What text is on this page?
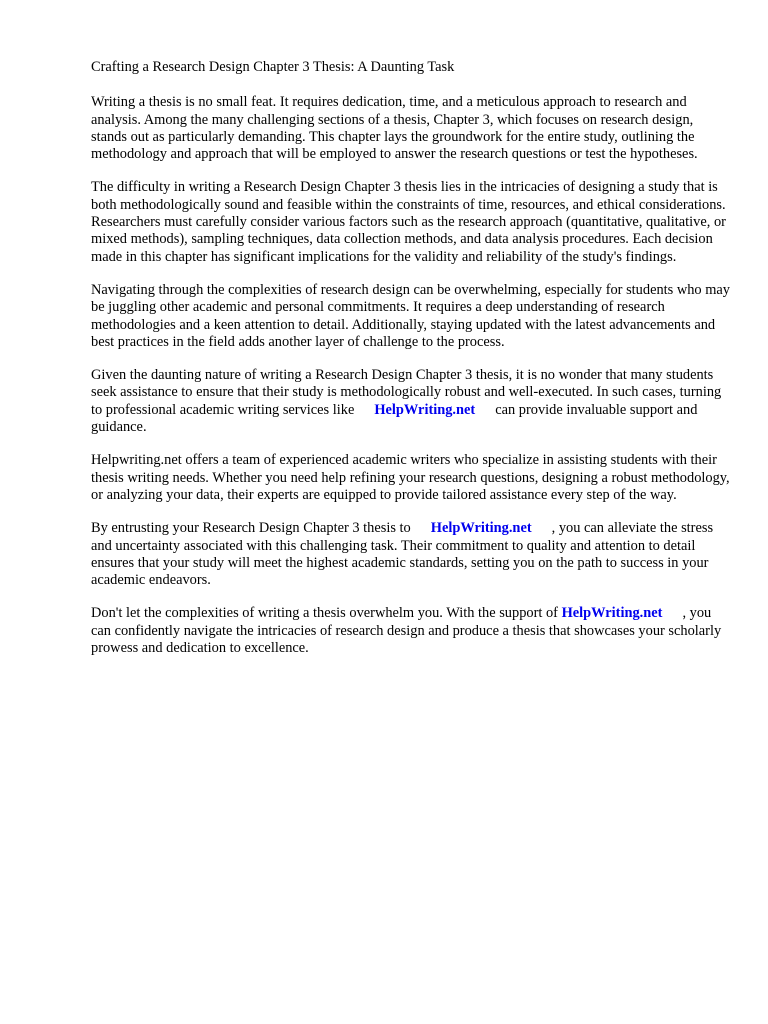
Crafting a Research Design Chapter 3 Thesis: A Daunting Task

Writing a thesis is no small feat. It requires dedication, time, and a meticulous approach to research and analysis. Among the many challenging sections of a thesis, Chapter 3, which focuses on research design, stands out as particularly demanding. This chapter lays the groundwork for the entire study, outlining the methodology and approach that will be employed to answer the research questions or test the hypotheses.

The difficulty in writing a Research Design Chapter 3 thesis lies in the intricacies of designing a study that is both methodologically sound and feasible within the constraints of time, resources, and ethical considerations. Researchers must carefully consider various factors such as the research approach (quantitative, qualitative, or mixed methods), sampling techniques, data collection methods, and data analysis procedures. Each decision made in this chapter has significant implications for the validity and reliability of the study's findings.

Navigating through the complexities of research design can be overwhelming, especially for students who may be juggling other academic and personal commitments. It requires a deep understanding of research methodologies and a keen attention to detail. Additionally, staying updated with the latest advancements and best practices in the field adds another layer of challenge to the process.

Given the daunting nature of writing a Research Design Chapter 3 thesis, it is no wonder that many students seek assistance to ensure that their study is methodologically robust and well-executed. In such cases, turning to professional academic writing services like HelpWriting.net can provide invaluable support and guidance.

Helpwriting.net offers a team of experienced academic writers who specialize in assisting students with their thesis writing needs. Whether you need help refining your research questions, designing a robust methodology, or analyzing your data, their experts are equipped to provide tailored assistance every step of the way.

By entrusting your Research Design Chapter 3 thesis to HelpWriting.net , you can alleviate the stress and uncertainty associated with this challenging task. Their commitment to quality and attention to detail ensures that your study will meet the highest academic standards, setting you on the path to success in your academic endeavors.

Don't let the complexities of writing a thesis overwhelm you. With the support of HelpWriting.net , you can confidently navigate the intricacies of research design and produce a thesis that showcases your scholarly prowess and dedication to excellence.
